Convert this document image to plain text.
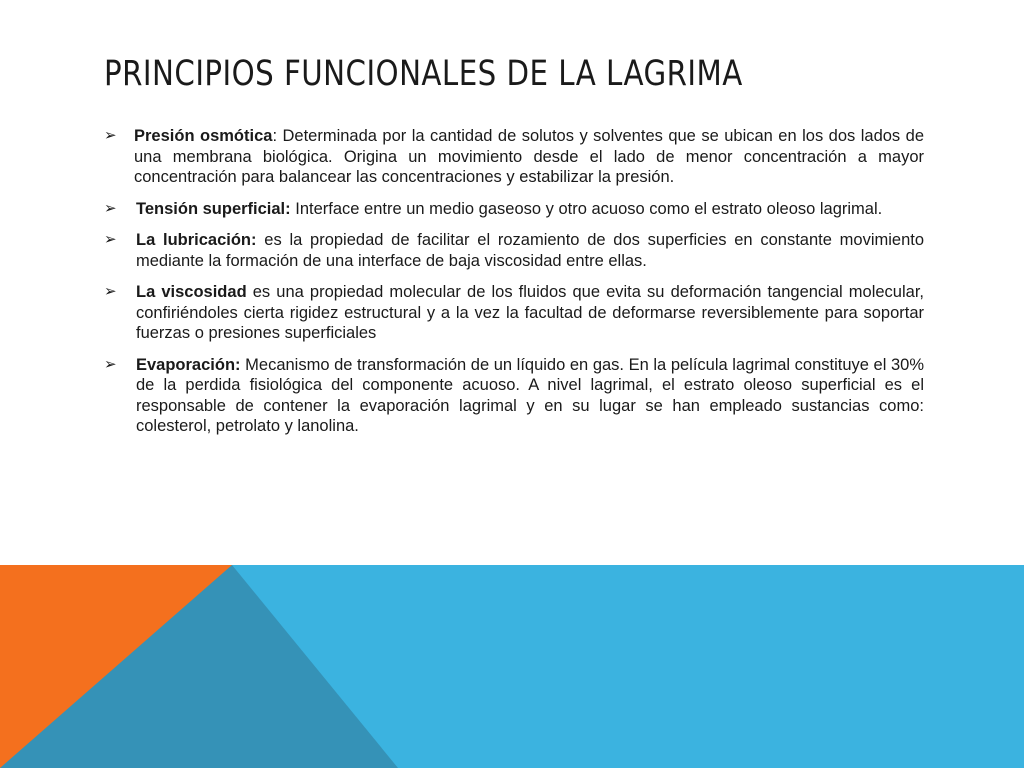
PRINCIPIOS FUNCIONALES DE LA LAGRIMA
➢ Presión osmótica: Determinada por la cantidad de solutos y solventes que se ubican en los dos lados de una membrana biológica. Origina un movimiento desde el lado de menor concentración a mayor concentración para balancear las concentraciones y estabilizar la presión.
➢ Tensión superficial: Interface entre un medio gaseoso y otro acuoso como el estrato oleoso lagrimal.
➢ La lubricación: es la propiedad de facilitar el rozamiento de dos superficies en constante movimiento mediante la formación de una interface de baja viscosidad entre ellas.
➢ La viscosidad es una propiedad molecular de los fluidos que evita su deformación tangencial molecular, confiriéndoles cierta rigidez estructural y a la vez la facultad de deformarse reversiblemente para soportar fuerzas o presiones superficiales
➢ Evaporación: Mecanismo de transformación de un líquido en gas. En la película lagrimal constituye el 30% de la perdida fisiológica del componente acuoso. A nivel lagrimal, el estrato oleoso superficial es el responsable de contener la evaporación lagrimal y en su lugar se han empleado sustancias como: colesterol, petrolato y lanolina.
